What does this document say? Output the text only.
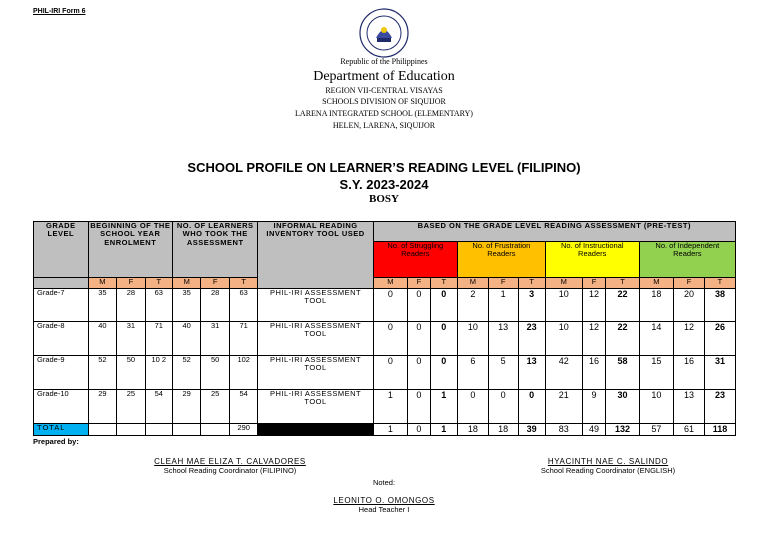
PHIL-IRI Form 6
Republic of the Philippines
Department of Education
REGION VII-CENTRAL VISAYAS
SCHOOLS DIVISION OF SIQUIJOR
LARENA INTEGRATED SCHOOL (ELEMENTARY)
HELEN, LARENA, SIQUIJOR
SCHOOL PROFILE ON LEARNER’S READING LEVEL (FILIPINO)
S.Y. 2023-2024
BOSY
GRADE LEVEL	BEGINNING OF THE SCHOOL YEAR ENROLMENT			NO. OF LEARNERS WHO TOOK THE ASSESSMENT			INFORMAL READING INVENTORY TOOL USED	BASED ON THE GRADE LEVEL READING ASSESSMENT (PRE-TEST)											
								No. of Struggling Readers			No. of Frustration Readers			No. of Instructional Readers			No. of Independent Readers		

	M	F	T	M	F	T		M	F	T	M	F	T	M	F	T	M	F	T
Grade-7	35	28	63	35	28	63	PHIL-IRI ASSESSMENT TOOL	0	0	0	2	1	3	10	12	22	18	20	38
Grade-8	40	31	71	40	31	71	PHIL-IRI ASSESSMENT TOOL	0	0	0	10	13	23	10	12	22	14	12	26
Grade-9	52	50	10 2	52	50	102	PHIL-IRI ASSESSMENT TOOL	0	0	0	6	5	13	42	16	58	15	16	31
Grade-10	29	25	54	29	25	54	PHIL-IRI ASSESSMENT TOOL	1	0	1	0	0	0	21	9	30	10	13	23
TOTAL						290		1	0	1	18	18	39	83	49	132	57	61	118
Prepared by:
CLEAH MAE ELIZA T. CALVADORES
School Reading Coordinator (FILIPINO)
HYACINTH NAE C. SALINDO
School Reading Coordinator (ENGLISH)
Noted:
LEONITO O. OMONGOS
Head Teacher I
